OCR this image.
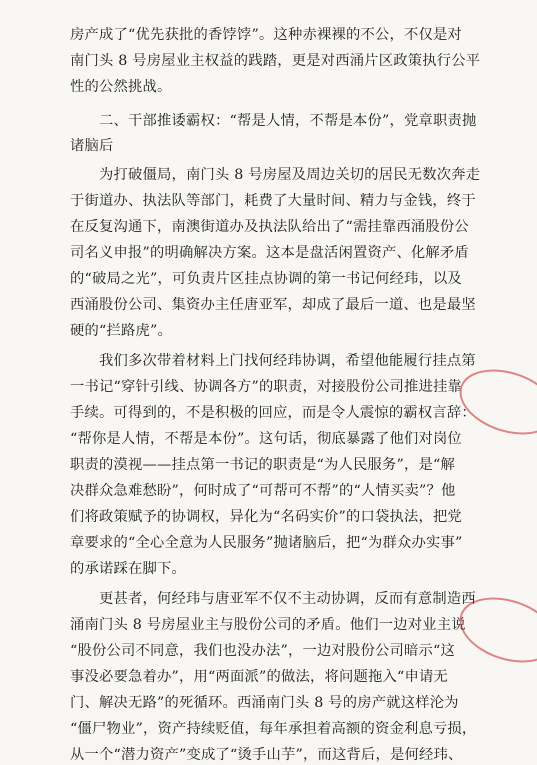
房产成了“优先获批的香饽饽”。这种赤裸裸的不公，不仅是对
南门头 8 号房屋业主权益的践踏，更是对西涌片区政策执行公平
性的公然挑战。
二、干部推诿霸权：“帮是人情，不帮是本份”，党章职责抛
诸脑后
为打破僵局，南门头 8 号房屋及周边关切的居民无数次奔走
于街道办、执法队等部门，耗费了大量时间、精力与金钱，终于
在反复沟通下，南澳街道办及执法队给出了“需挂靠西涌股份公
司名义申报”的明确解决方案。这本是盘活闲置资产、化解矛盾
的“破局之光”，可负责片区挂点协调的第一书记何经玮，以及
西涌股份公司、集资办主任唐亚军，却成了最后一道、也是最坚
硬的“拦路虎”。
我们多次带着材料上门找何经玮协调，希望他能履行挂点第
一书记“穿针引线、协调各方”的职责，对接股份公司推进挂靠
手续。可得到的，不是积极的回应，而是令人震惊的霸权言辞：
“帮你是人情，不帮是本份”。这句话，彻底暴露了他们对岗位
职责的漠视——挂点第一书记的职责是“为人民服务”，是“解
决群众急难愁盼”，何时成了“可帮可不帮”的“人情买卖”？他
们将政策赋予的协调权，异化为“名码实价”的口袋执法，把党
章要求的“全心全意为人民服务”抛诸脑后，把“为群众办实事”
的承诺踩在脚下。
更甚者，何经玮与唐亚军不仅不主动协调，反而有意制造西
涌南门头 8 号房屋业主与股份公司的矛盾。他们一边对业主说
“股份公司不同意，我们也没办法”，一边对股份公司暗示“这
事没必要急着办”，用“两面派”的做法，将问题拖入“申请无
门、解决无路”的死循环。西涌南门头 8 号的房产就这样沦为
“僵尸物业”，资产持续贬值，每年承担着高额的资金利息亏损，
从一个“潜力资产”变成了“烫手山芋”，而这背后，是何经玮、
